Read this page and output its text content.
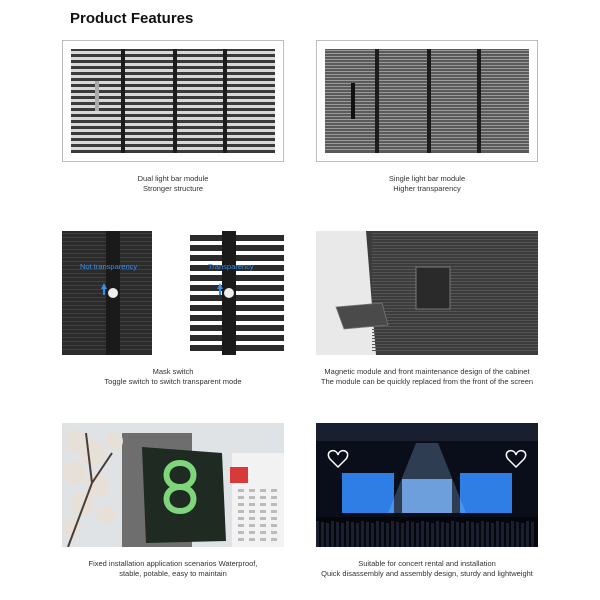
Product Features
Dual light bar module
Stronger structure
Single light bar module
Higher transparency
Not transparency	Transparency
Mask switch
Toggle switch to switch transparent mode
Magnetic module and front maintenance design of the cabinet
The module can be quickly replaced from the front of the screen
Fixed installation application scenarios Waterproof,
stable, potable, easy to maintain
Suitable for concert rental and installation
Quick disassembly and assembly design, sturdy and lightweight
